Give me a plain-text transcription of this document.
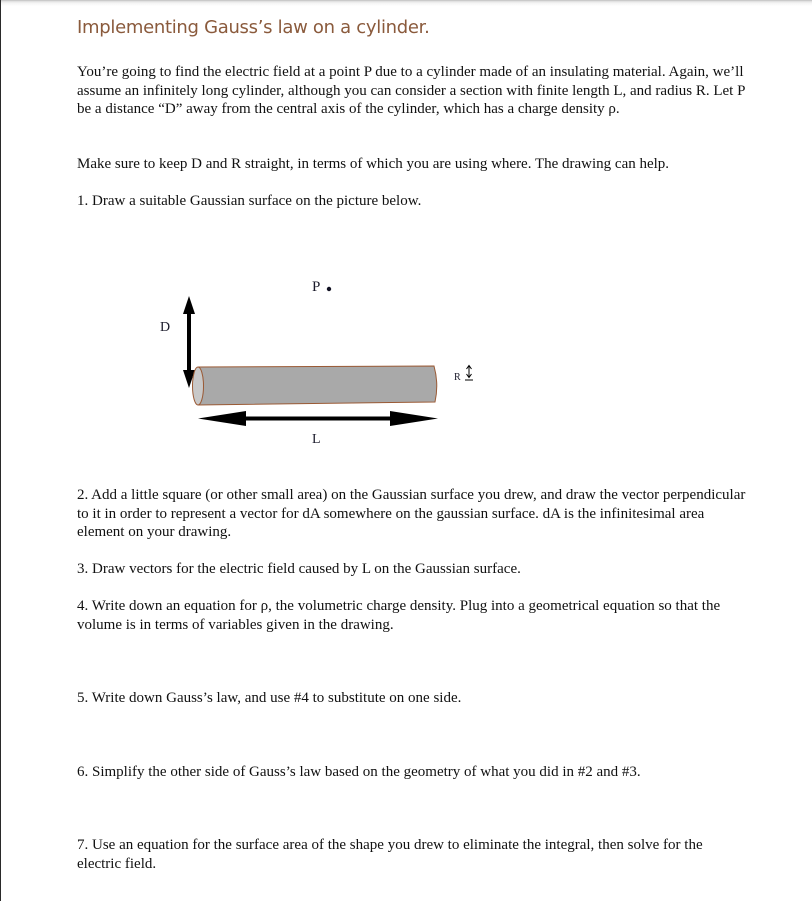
Implementing Gauss’s law on a cylinder.
You’re going to find the electric field at a point P due to a cylinder made of an insulating material. Again, we’ll assume an infinitely long cylinder, although you can consider a section with finite length L, and radius R. Let P be a distance “D” away from the central axis of the cylinder, which has a charge density ρ.
Make sure to keep D and R straight, in terms of which you are using where. The drawing can help.
1. Draw a suitable Gaussian surface on the picture below.
P
D
R
L
2. Add a little square (or other small area) on the Gaussian surface you drew, and draw the vector perpendicular to it in order to represent a vector for dA somewhere on the gaussian surface. dA is the infinitesimal area element on your drawing.
3. Draw vectors for the electric field caused by L on the Gaussian surface.
4. Write down an equation for ρ, the volumetric charge density. Plug into a geometrical equation so that the volume is in terms of variables given in the drawing.
5. Write down Gauss’s law, and use #4 to substitute on one side.
6. Simplify the other side of Gauss’s law based on the geometry of what you did in #2 and #3.
7. Use an equation for the surface area of the shape you drew to eliminate the integral, then solve for the electric field.
